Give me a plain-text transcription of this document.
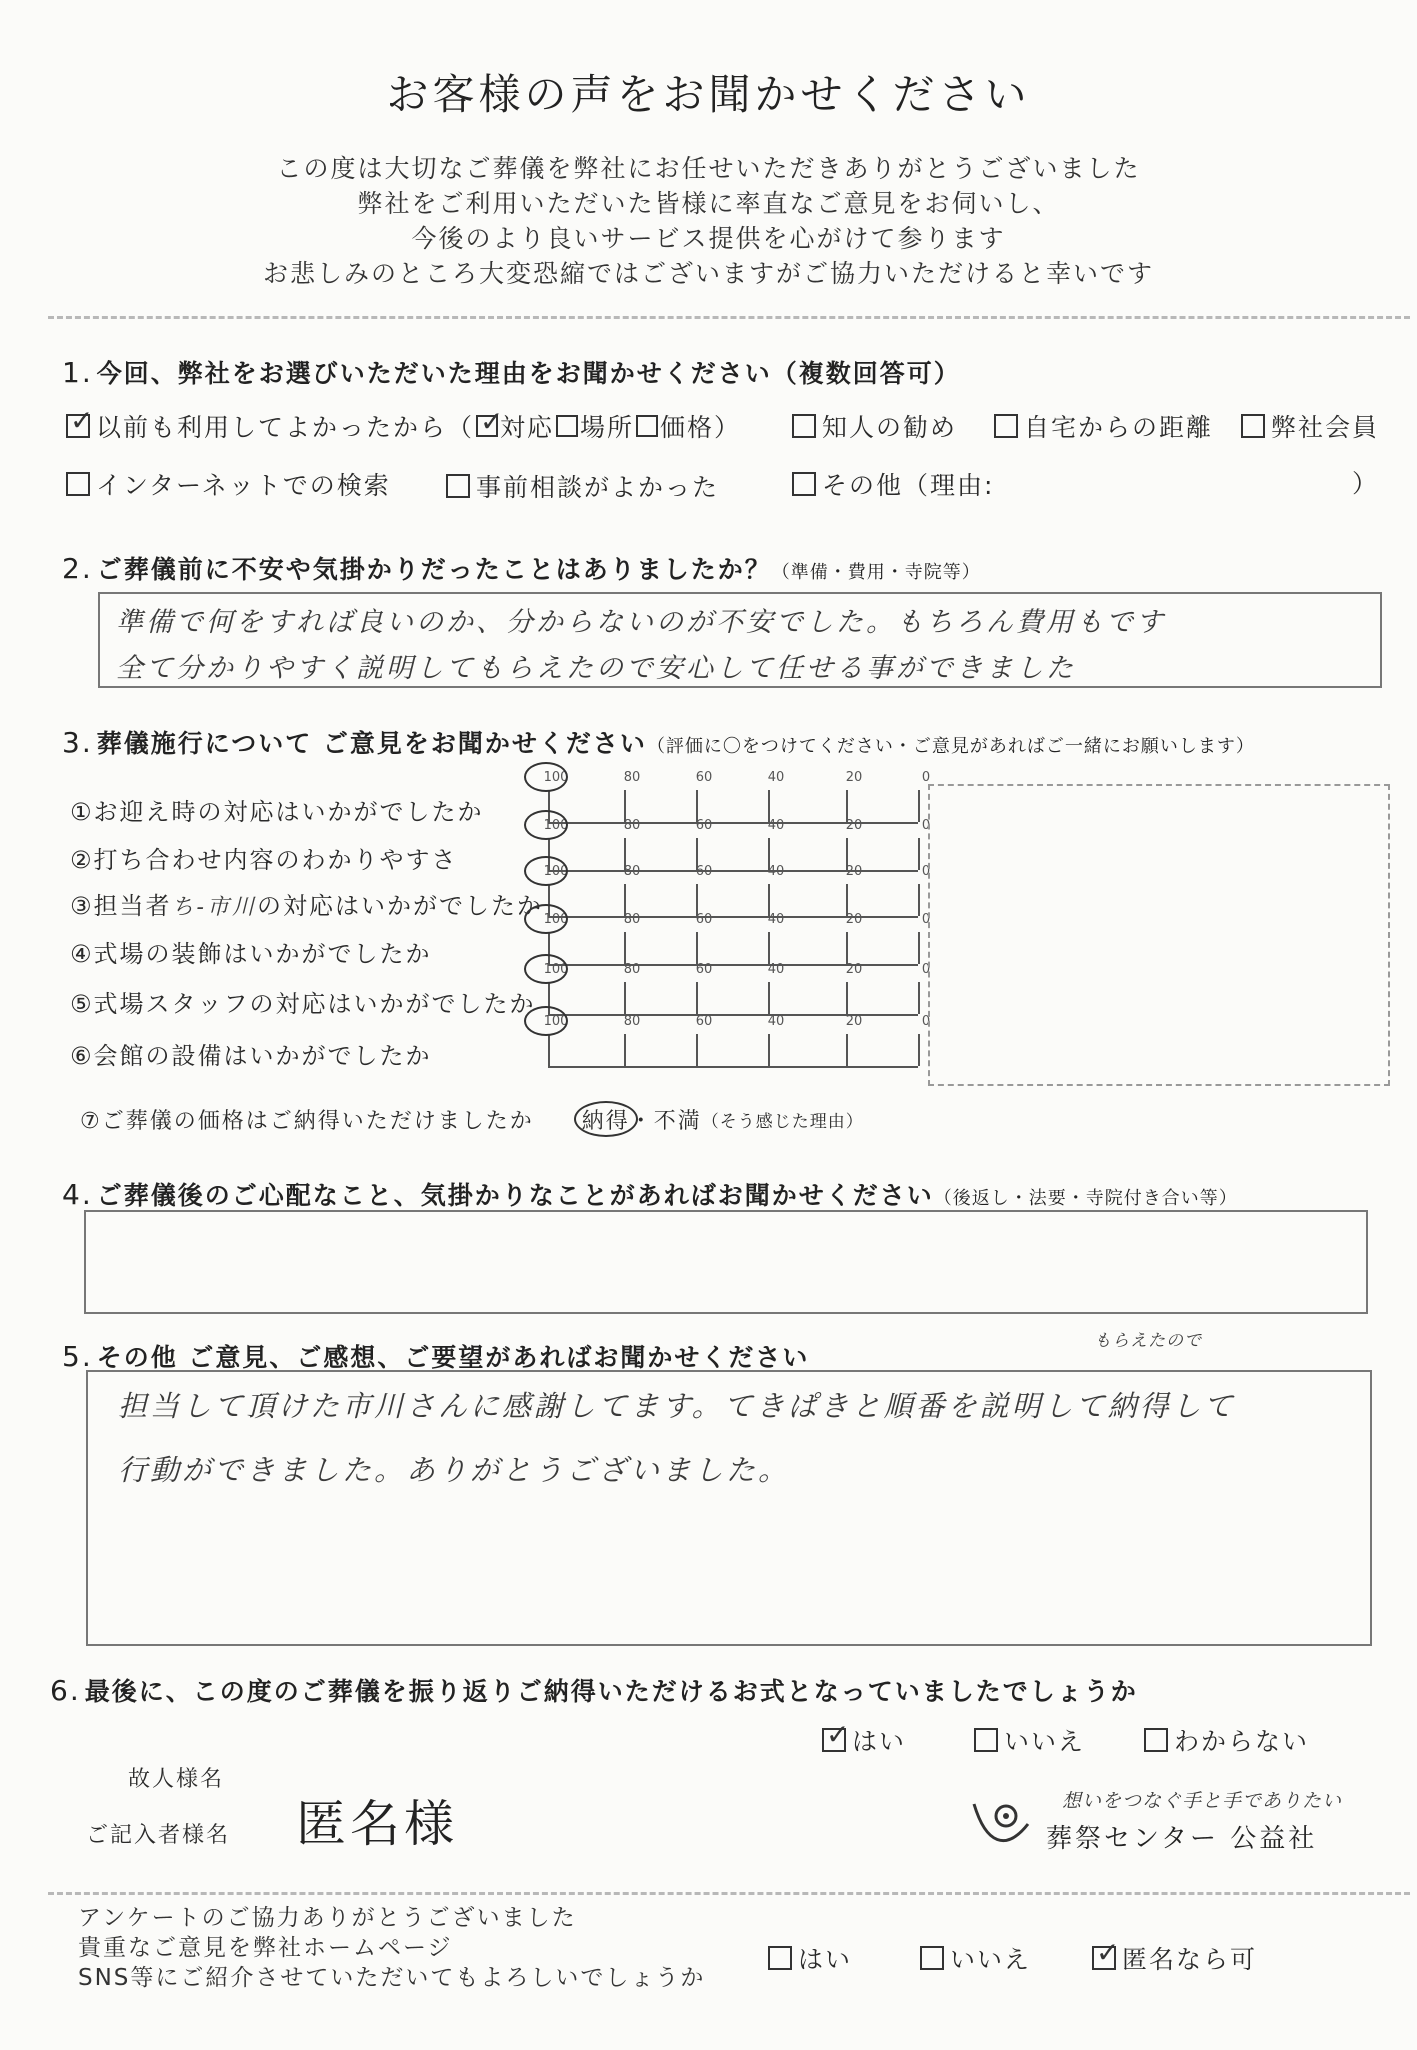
お客様の声をお聞かせください
この度は大切なご葬儀を弊社にお任せいただきありがとうございました
弊社をご利用いただいた皆様に率直なご意見をお伺いし、
今後のより良いサービス提供を心がけて参ります
お悲しみのところ大変恐縮ではございますがご協力いただけると幸いです
1. 今回、弊社をお選びいただいた理由をお聞かせください（複数回答可）
✓
以前も利用してよかったから（ ✓ 対応 場所 価格）	知人の勧め	自宅からの距離 弊社会員
インターネットでの検索	事前相談がよかった	その他（理由:	）
2. ご葬儀前に不安や気掛かりだったことはありましたか？（準備・費用・寺院等）
準備で何をすれば良いのか、分からないのが不安でした。もちろん費用もです
全て分かりやすく説明してもらえたので安心して任せる事ができました
3. 葬儀施行について ご意見をお聞かせください（評価に〇をつけてください・ご意見があればご一緒にお願いします）
①お迎え時の対応はいかがでしたか
100	80	60	40	20	0
②打ち合わせ内容のわかりやすさ
100	80	60	40	20	0
③担当者ち-市川の対応はいかがでしたか
100	80	60	40	20	0
④式場の装飾はいかがでしたか
100	80	60	40	20	0
⑤式場スタッフの対応はいかがでしたか
100	80	60	40	20	0
⑥会館の設備はいかがでしたか
100	80	60	40	20	0
⑦ご葬儀の価格はご納得いただけましたか 納得 ・ 不満 （そう感じた理由）
4. ご葬儀後のご心配なこと、気掛かりなことがあればお聞かせください（後返し・法要・寺院付き合い等）
5. その他 ご意見、ご感想、ご要望があればお聞かせください
もらえたので
担当して頂けた市川さんに感謝してます。てきぱきと順番を説明して納得して
行動ができました。ありがとうございました。
6. 最後に、この度のご葬儀を振り返りご納得いただけるお式となっていましたでしょうか
✓
はい	いいえ	わからない
故人様名
ご記入者様名 匿名様	想いをつなぐ手と手でありたい
葬祭センター 公益社
アンケートのご協力ありがとうございました
貴重なご意見を弊社ホームページ
SNS等にご紹介させていただいてもよろしいでしょうか
はい	いいえ ✓	匿名なら可
